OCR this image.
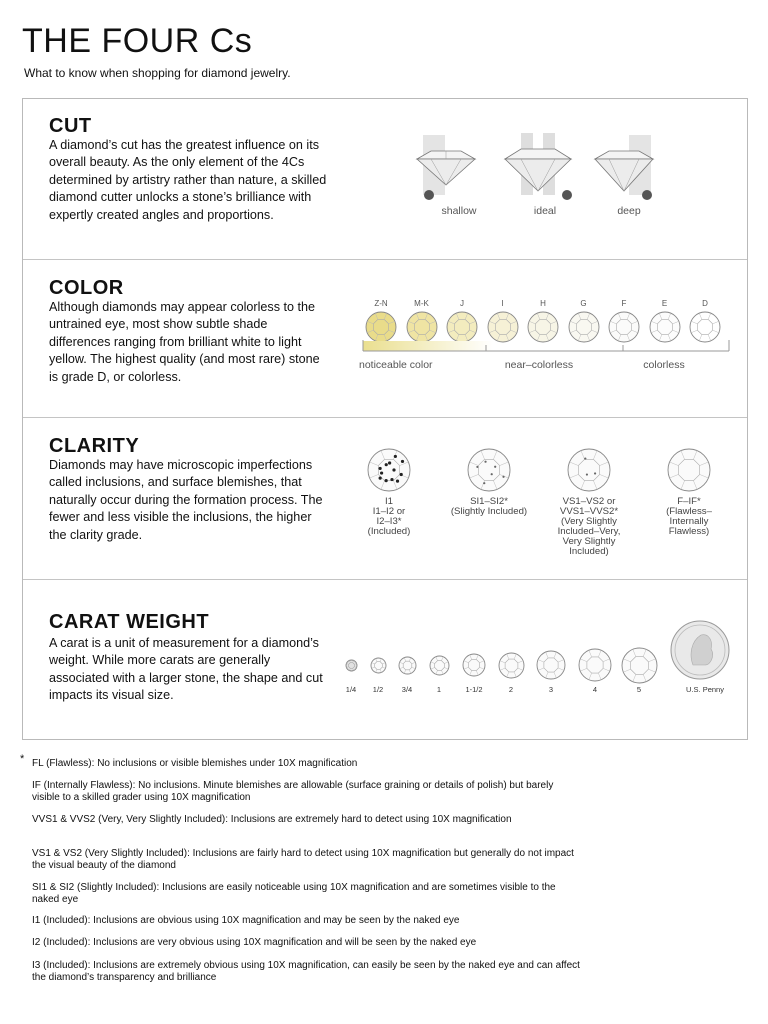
THE FOUR Cs

What to know when shopping for diamond jewelry.

CUT

A diamond’s cut has the greatest influence on its overall beauty. As the only element of the 4Cs determined by artistry rather than nature, a skilled diamond cutter unlocks a stone’s brilliance with expertly created angles and proportions.	shallow	ideal	deep
COLOR

Although diamonds may appear colorless to the untrained eye, most show subtle shade differences ranging from brilliant white to light yellow. The highest quality (and most rare) stone is grade D, or colorless.

Z-N	M-K	J	I	H	G	F	E	D
noticeable color	near–colorless	colorless
CLARITY

Diamonds may have microscopic imperfections called inclusions, and surface blemishes, that naturally occur during the formation process. The fewer and less visible the inclusions, the higher the clarity grade.

I1
I1–I2 or
I2–I3*
(Included)
SI1–SI2*
(Slightly Included)
VS1–VS2 or
VVS1–VVS2*
(Very Slightly
Included–Very,
Very Slightly
Included)
F–IF*
(Flawless–
Internally
Flawless)
CARAT WEIGHT

A carat is a unit of measurement for a diamond’s weight. While more carats are generally associated with a larger stone, the shape and cut impacts its visual size.	1/4	1/2	3/4	1	1-1/2	2	3	4	5	U.S. Penny
* FL (Flawless): No inclusions or visible blemishes under 10X magnification

IF (Internally Flawless): No inclusions. Minute blemishes are allowable (surface graining or details of polish) but barely visible to a skilled grader using 10X magnification

VVS1 & VVS2 (Very, Very Slightly Included): Inclusions are extremely hard to detect using 10X magnification

VS1 & VS2 (Very Slightly Included): Inclusions are fairly hard to detect using 10X magnification but generally do not impact the visual beauty of the diamond

SI1 & SI2 (Slightly Included): Inclusions are easily noticeable using 10X magnification and are sometimes visible to the naked eye

I1 (Included): Inclusions are obvious using 10X magnification and may be seen by the naked eye

I2 (Included): Inclusions are very obvious using 10X magnification and will be seen by the naked eye

I3 (Included): Inclusions are extremely obvious using 10X magnification, can easily be seen by the naked eye and can affect the diamond’s transparency and brilliance
